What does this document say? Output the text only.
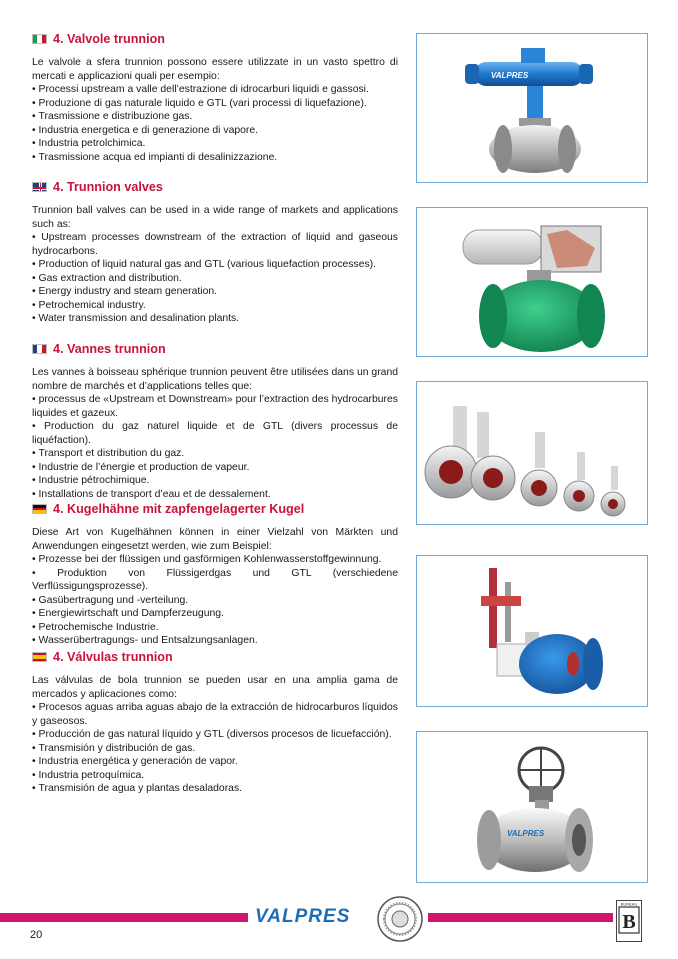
4. Valvole trunnion
Le valvole a sfera trunnion possono essere utilizzate in un vasto spettro di mercati e applicazioni quali per esempio:
• Processi upstream a valle dell’estrazione di idrocarburi liquidi e gassosi.
• Produzione di gas naturale liquido e GTL (vari processi di liquefazione).
• Trasmissione e distribuzione gas.
• Industria energetica e di generazione di vapore.
• Industria petrolchimica.
• Trasmissione acqua ed impianti di desalinizzazione.
4. Trunnion valves
Trunnion ball valves can be used in a wide range of markets and applications such as:
• Upstream processes downstream of the extraction of liquid and gaseous hydrocarbons.
• Production of liquid natural gas and GTL (various liquefaction processes).
• Gas extraction and distribution.
• Energy industry and steam generation.
• Petrochemical industry.
• Water transmission and desalination plants.
4. Vannes trunnion
Les vannes à boisseau sphérique trunnion peuvent être utilisées dans un grand nombre de marchés et d’applications telles que:
• processus de «Upstream et Downstream» pour l’extraction des hydrocarbures liquides et gazeux.
• Production du gaz naturel liquide et de GTL (divers processus de liquéfaction).
• Transport et distribution du gaz.
• Industrie de l’énergie et production de vapeur.
• Industrie pétrochimique.
• Installations de transport d’eau et de dessalement.
4. Kugelhähne mit zapfengelagerter Kugel
Diese Art von Kugelhähnen können in einer Vielzahl von Märkten und Anwendungen eingesetzt werden, wie zum Beispiel:
• Prozesse bei der flüssigen und gasförmigen Kohlenwasserstoffgewinnung.
• Produktion von Flüssigerdgas und GTL (verschiedene Verflüssigungsprozesse).
• Gasübertragung und -verteilung.
• Energiewirtschaft und Dampferzeugung.
• Petrochemische Industrie.
• Wasserübertragungs- und Entsalzungsanlagen.
4. Válvulas trunnion
Las válvulas de bola trunnion se pueden usar en una amplia gama de mercados y aplicaciones como:
• Procesos aguas arriba aguas abajo de la extracción de hidrocarburos líquidos y gaseosos.
• Producción de gas natural líquido y GTL (diversos procesos de licuefacción).
• Transmisión y distribución de gas.
• Industria energética y generación de vapor.
• Industria petroquímica.
• Transmisión de agua y plantas desaladoras.
VALPRES
VALPRES
VALPRES	B
BUREAU
20
